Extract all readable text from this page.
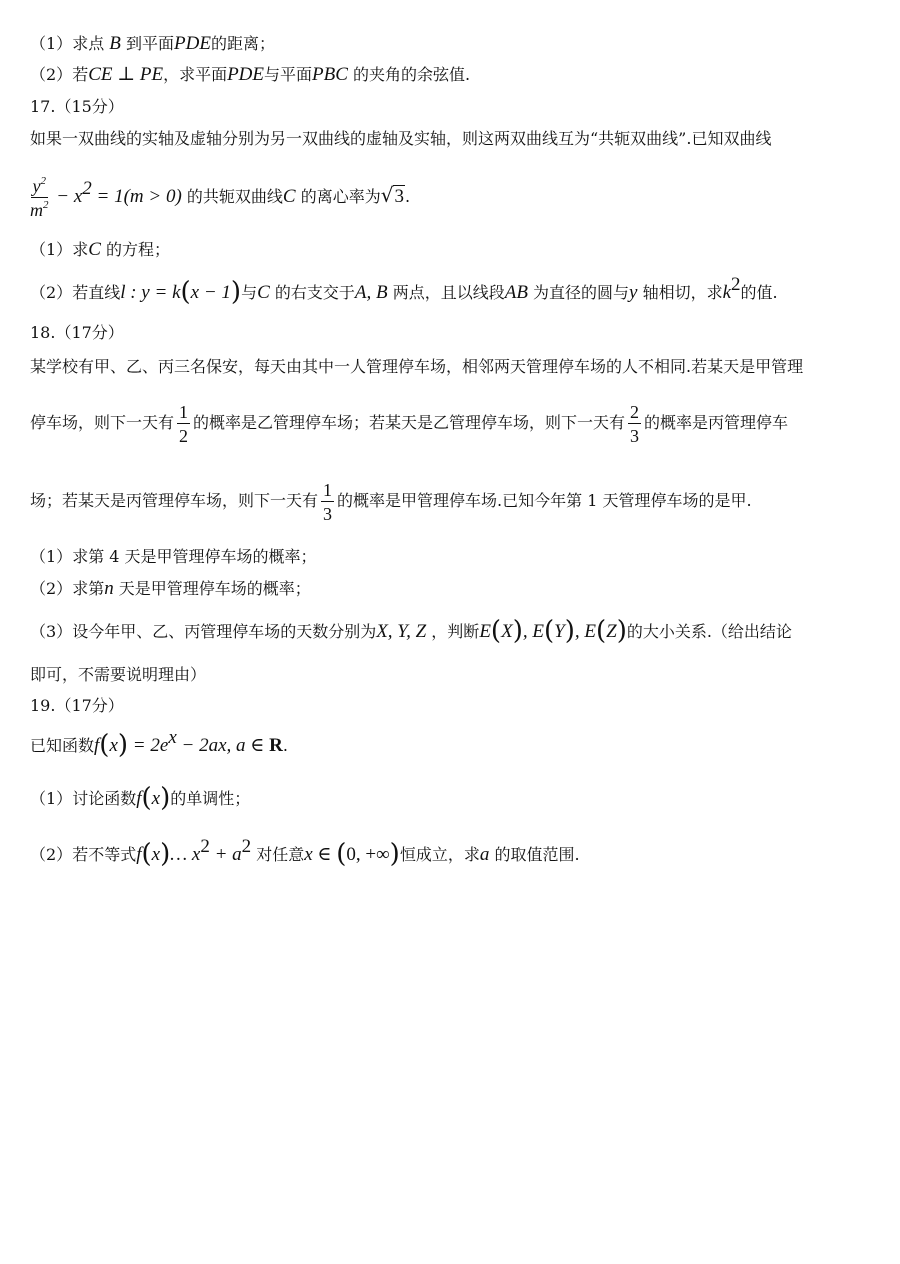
（1）求点 B 到平面PDE的距离；
（2）若CE ⊥ PE，求平面PDE与平面PBC 的夹角的余弦值.
17.（15分）
如果一双曲线的实轴及虚轴分别为另一双曲线的虚轴及实轴，则这两双曲线互为“共轭双曲线”.已知双曲线
$\frac{y^2}{m^2} - x^2 = 1(m > 0)$ 的共轭双曲线C 的离心率为√3.
（1）求C 的方程；
（2）若直线l : y = k(x − 1)与C 的右支交于A, B 两点，且以线段AB 为直径的圆与y 轴相切，求$k^2$的值.
18.（17分）
某学校有甲、乙、丙三名保安，每天由其中一人管理停车场，相邻两天管理停车场的人不相同.若某天是甲管理
停车场，则下一天有 $\frac{1}{2}$ 的概率是乙管理停车场；若某天是乙管理停车场，则下一天有 $\frac{2}{3}$ 的概率是丙管理停车
场；若某天是丙管理停车场，则下一天有 $\frac{1}{3}$ 的概率是甲管理停车场.已知今年第 1 天管理停车场的是甲.
（1）求第 4 天是甲管理停车场的概率；
（2）求第n 天是甲管理停车场的概率；
（3）设今年甲、乙、丙管理停车场的天数分别为X, Y, Z ，判断E(X), E(Y), E(Z)的大小关系.（给出结论
即可，不需要说明理由）
19.（17分）
已知函数$f(x) = 2e^x - 2ax$, a ∈ R.
（1）讨论函数f(x)的单调性；
（2）若不等式f(x)… $x^2 + a^2$ 对任意x ∈ (0, +∞)恒成立，求a 的取值范围.
